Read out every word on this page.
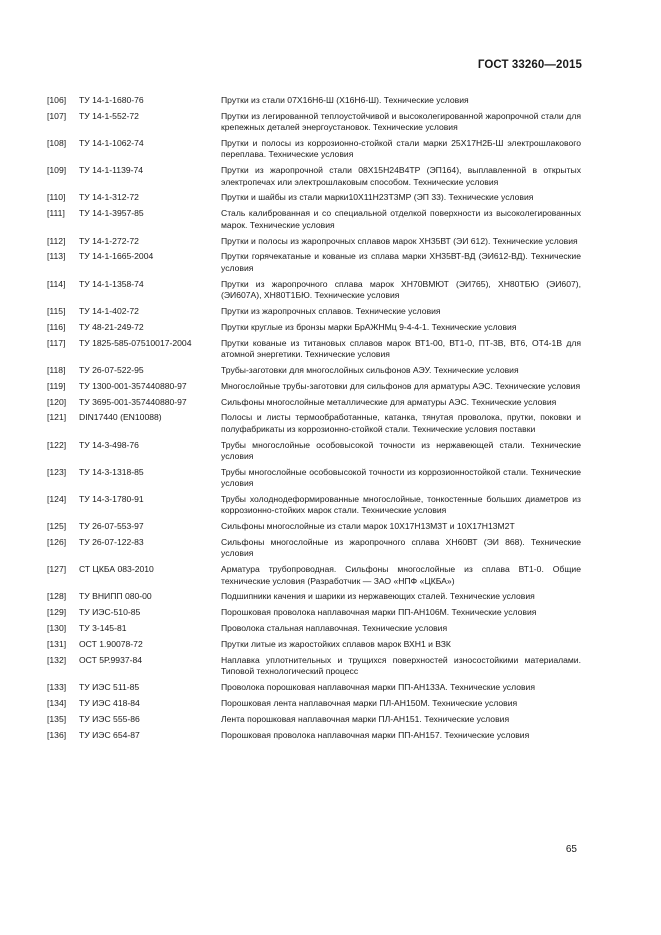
ГОСТ 33260—2015
[106] ТУ 14-1-1680-76	Прутки из стали 07Х16Н6-Ш (Х16Н6-Ш). Технические условия
[107] ТУ 14-1-552-72	Прутки из легированной теплоустойчивой и высоколегированной жаропрочной стали для крепежных деталей энергоустановок. Технические условия
[108] ТУ 14-1-1062-74	Прутки и полосы из коррозионно-стойкой стали марки 25Х17Н2Б-Ш электрошлакового переплава. Технические условия
[109] ТУ 14-1-1139-74	Прутки из жаропрочной стали 08Х15Н24В4ТР (ЭП164), выплавленной в открытых электропечах или электрошлаковым способом. Технические условия
[110] ТУ 14-1-312-72	Прутки и шайбы из стали марки10Х11Н23Т3МР (ЭП 33). Технические условия
[111] ТУ 14-1-3957-85	Сталь калиброванная и со специальной отделкой поверхности из высоколегированных марок. Технические условия
[112] ТУ 14-1-272-72	Прутки и полосы из жаропрочных сплавов марок ХН35ВТ (ЭИ 612). Технические условия
[113] ТУ 14-1-1665-2004	Прутки горячекатаные и кованые из сплава марки ХН35ВТ-ВД (ЭИ612-ВД). Технические условия
[114] ТУ 14-1-1358-74	Прутки из жаропрочного сплава марок ХН70ВМЮТ (ЭИ765), ХН80ТБЮ (ЭИ607), (ЭИ607А), ХН80Т1БЮ. Технические условия
[115] ТУ 14-1-402-72	Прутки из жаропрочных сплавов. Технические условия
[116] ТУ 48-21-249-72	Прутки круглые из бронзы марки БрАЖНМц 9-4-4-1. Технические условия
[117] ТУ 1825-585-07510017-2004	Прутки кованые из титановых сплавов марок ВТ1-00, ВТ1-0, ПТ-3В, ВТ6, ОТ4-1В для атомной энергетики. Технические условия
[118] ТУ 26-07-522-95	Трубы-заготовки для многослойных сильфонов АЭУ. Технические условия
[119] ТУ 1300-001-357440880-97	Многослойные трубы-заготовки для сильфонов для арматуры АЭС. Технические условия
[120] ТУ 3695-001-357440880-97	Сильфоны многослойные металлические для арматуры АЭС. Технические условия
[121] DIN17440 (EN10088)	Полосы и листы термообработанные, катанка, тянутая проволока, прутки, поковки и полуфабрикаты из коррозионно-стойкой стали. Технические условия поставки
[122] ТУ 14-3-498-76	Трубы многослойные особовысокой точности из нержавеющей стали. Технические условия
[123] ТУ 14-3-1318-85	Трубы многослойные особовысокой точности из коррозионностойкой стали. Технические условия
[124] ТУ 14-3-1780-91	Трубы холоднодеформированные многослойные, тонкостенные больших диаметров из коррозионно-стойких марок стали. Технические условия
[125] ТУ 26-07-553-97	Сильфоны многослойные из стали марок 10Х17Н13М3Т и 10Х17Н13М2Т
[126] ТУ 26-07-122-83	Сильфоны многослойные из жаропрочного сплава ХН60ВТ (ЭИ 868). Технические условия
[127] СТ ЦКБА 083-2010	Арматура трубопроводная. Сильфоны многослойные из сплава ВТ1-0. Общие технические условия (Разработчик — ЗАО «НПФ «ЦКБА»)
[128] ТУ ВНИПП 080-00	Подшипники качения и шарики из нержавеющих сталей. Технические условия
[129] ТУ ИЭС-510-85	Порошковая проволока наплавочная марки ПП-АН106М. Технические условия
[130] ТУ 3-145-81	Проволока стальная наплавочная. Технические условия
[131] ОСТ 1.90078-72	Прутки литые из жаростойких сплавов марок ВХН1 и ВЗК
[132] ОСТ 5Р.9937-84	Наплавка уплотнительных и трущихся поверхностей износостойкими материалами. Типовой технологический процесс
[133] ТУ ИЭС 511-85	Проволока порошковая наплавочная марки ПП-АН133А. Технические условия
[134] ТУ ИЭС 418-84	Порошковая лента наплавочная марки ПЛ-АН150М. Технические условия
[135] ТУ ИЭС 555-86	Лента порошковая наплавочная марки ПЛ-АН151. Технические условия
[136] ТУ ИЭС 654-87	Порошковая проволока наплавочная марки ПП-АН157. Технические условия
65
